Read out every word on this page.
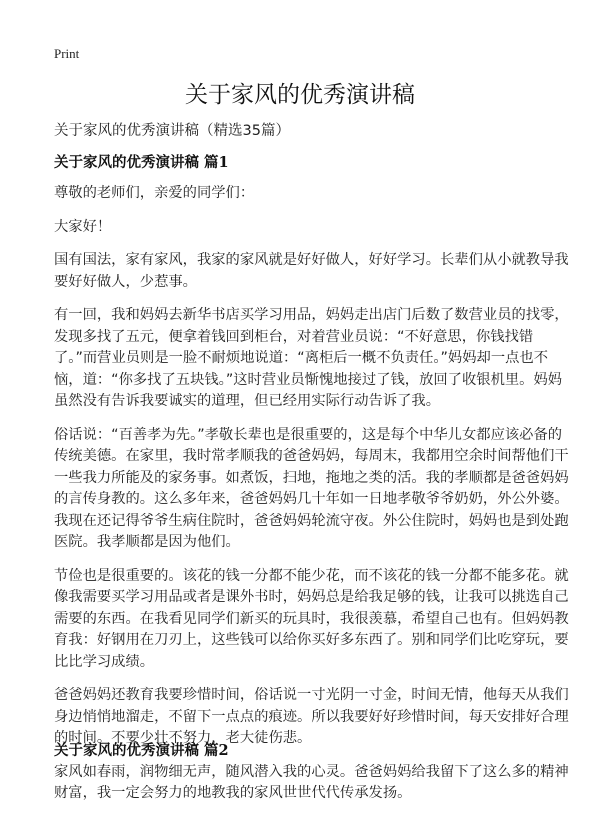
Print
关于家风的优秀演讲稿
关于家风的优秀演讲稿（精选35篇）
关于家风的优秀演讲稿 篇1

尊敬的老师们，亲爱的同学们：

大家好！

国有国法，家有家风，我家的家风就是好好做人，好好学习。长辈们从小就教导我要好好做人，少惹事。

有一回，我和妈妈去新华书店买学习用品，妈妈走出店门后数了数营业员的找零，发现多找了五元，便拿着钱回到柜台，对着营业员说：“不好意思，你钱找错了。”而营业员则是一脸不耐烦地说道：“离柜后一概不负责任。”妈妈却一点也不恼，道：“你多找了五块钱。”这时营业员惭愧地接过了钱，放回了收银机里。妈妈虽然没有告诉我要诚实的道理，但已经用实际行动告诉了我。

俗话说：“百善孝为先。”孝敬长辈也是很重要的，这是每个中华儿女都应该必备的传统美德。在家里，我时常孝顺我的爸爸妈妈，每周末，我都用空余时间帮他们干一些我力所能及的家务事。如煮饭，扫地，拖地之类的活。我的孝顺都是爸爸妈妈的言传身教的。这么多年来，爸爸妈妈几十年如一日地孝敬爷爷奶奶，外公外婆。我现在还记得爷爷生病住院时，爸爸妈妈轮流守夜。外公住院时，妈妈也是到处跑医院。我孝顺都是因为他们。

节俭也是很重要的。该花的钱一分都不能少花，而不该花的钱一分都不能多花。就像我需要买学习用品或者是课外书时，妈妈总是给我足够的钱，让我可以挑选自己需要的东西。在我看见同学们新买的玩具时，我很羡慕，希望自己也有。但妈妈教育我：好钢用在刀刃上，这些钱可以给你买好多东西了。别和同学们比吃穿玩，要比比学习成绩。

爸爸妈妈还教育我要珍惜时间，俗话说一寸光阴一寸金，时间无情，他每天从我们身边悄悄地溜走，不留下一点点的痕迹。所以我要好好珍惜时间，每天安排好合理的时间。不要少壮不努力，老大徒伤悲。

家风如春雨，润物细无声，随风潜入我的心灵。爸爸妈妈给我留下了这么多的精神财富，我一定会努力的地教我的家风世世代代传承发扬。

关于家风的优秀演讲稿 篇2
